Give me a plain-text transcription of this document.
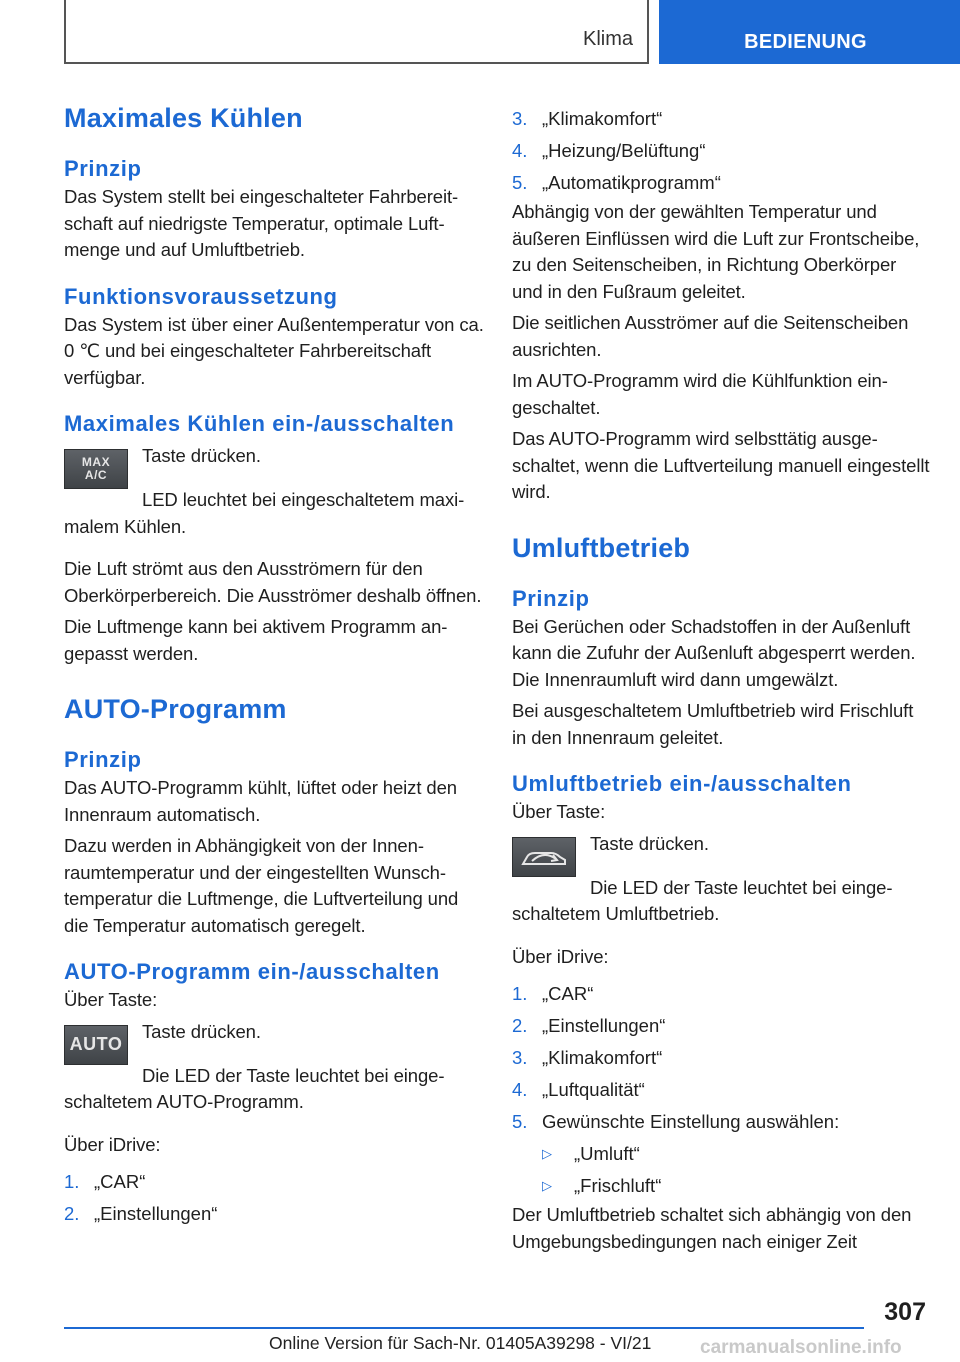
Klima	BEDIENUNG
Maximales Kühlen
Prinzip

Das System stellt bei eingeschalteter Fahrbereitschaft auf niedrigste Temperatur, optimale Luftmenge und auf Umluftbetrieb.

Funktionsvoraussetzung

Das System ist über einer Außentemperatur von ca. 0 ℃ und bei eingeschalteter Fahrbereitschaft verfügbar.

Maximales Kühlen ein-/ausschalten
MAX
A/C

Taste drücken.

LED leuchtet bei eingeschaltetem maximalem Kühlen.

Die Luft strömt aus den Ausströmern für den Oberkörperbereich. Die Ausströmer deshalb öffnen.

Die Luftmenge kann bei aktivem Programm angepasst werden.

AUTO-Programm
Prinzip

Das AUTO-Programm kühlt, lüftet oder heizt den Innenraum automatisch.

Dazu werden in Abhängigkeit von der Innenraumtemperatur und der eingestellten Wunschtemperatur die Luftmenge, die Luftverteilung und die Temperatur automatisch geregelt.

AUTO-Programm ein-/ausschalten

Über Taste:

AUTO

Taste drücken.

Die LED der Taste leuchtet bei eingeschaltetem AUTO-Programm.

Über iDrive:

1. „CAR“
2. „Einstellungen“
3. „Klimakomfort“
4. „Heizung/Belüftung“
5. „Automatikprogramm“

Abhängig von der gewählten Temperatur und äußeren Einflüssen wird die Luft zur Frontscheibe, zu den Seitenscheiben, in Richtung Oberkörper und in den Fußraum geleitet.

Die seitlichen Ausströmer auf die Seitenscheiben ausrichten.

Im AUTO-Programm wird die Kühlfunktion eingeschaltet.

Das AUTO-Programm wird selbsttätig ausgeschaltet, wenn die Luftverteilung manuell eingestellt wird.

Umluftbetrieb
Prinzip

Bei Gerüchen oder Schadstoffen in der Außenluft kann die Zufuhr der Außenluft abgesperrt werden. Die Innenraumluft wird dann umgewälzt.

Bei ausgeschaltetem Umluftbetrieb wird Frischluft in den Innenraum geleitet.

Umluftbetrieb ein-/ausschalten

Über Taste:

Taste drücken.

Die LED der Taste leuchtet bei eingeschaltetem Umluftbetrieb.

Über iDrive:

1. „CAR“
2. „Einstellungen“
3. „Klimakomfort“
4. „Luftqualität“
5. Gewünschte Einstellung auswählen:
▷	„Umluft“
▷	„Frischluft“

Der Umluftbetrieb schaltet sich abhängig von den Umgebungsbedingungen nach einiger Zeit

307
Online Version für Sach-Nr. 01405A39298 - VI/21	carmanualsonline.info
